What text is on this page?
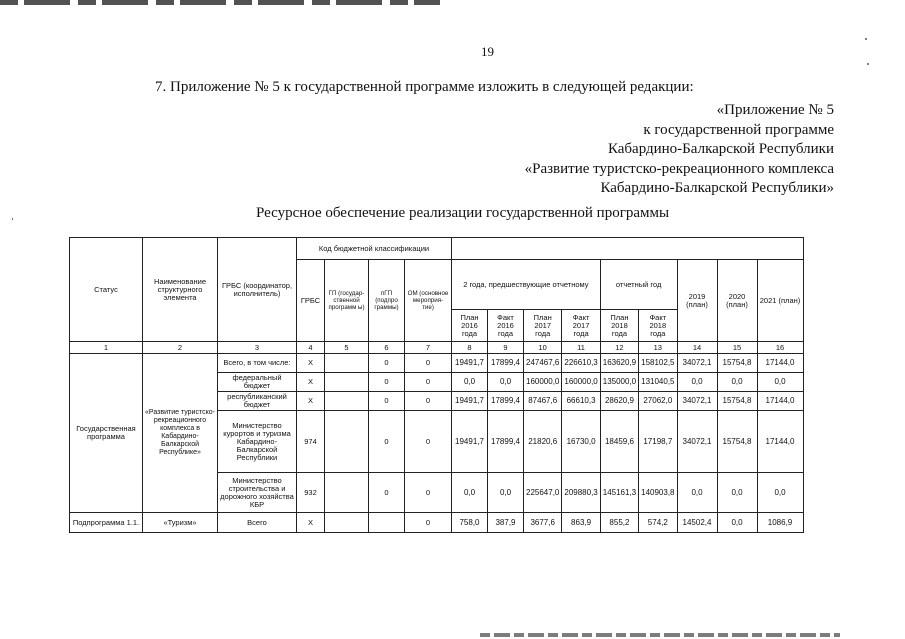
19
7. Приложение № 5 к государственной программе изложить в следующей редакции:
«Приложение № 5
к государственной программе
Кабардино-Балкарской Республики
«Развитие туристско-рекреационного комплекса
Кабардино-Балкарской Республики»
Ресурсное обеспечение реализации государственной программы
Статус	Наименование структурного элемента	ГРБС (координатор, исполнитель)	Код бюджетной классификации												
			ГРБС	ГП (государ-ственной программ ы)	пГП (подпро граммы)	ОМ (основное мероприя-тие)	2 года, предшествующие отчетному				отчетный год		2019 (план)	2020 (план)	2021 (план)
							План 2016 года	Факт 2016 года	План 2017 года	Факт 2017 года	План 2018 года	Факт 2018 года			
1	2	3	4	5	6	7	8	9	10	11	12	13	14	15	16
Государственная программа	«Развитие туристско-рекреационного комплекса в Кабардино-Балкарской Республике»	Всего, в том числе:	Х		0	0	19491,7	17899,4	247467,6	226610,3	163620,9	158102,5	34072,1	15754,8	17144,0
		федеральный бюджет	Х		0	0	0,0	0,0	160000,0	160000,0	135000,0	131040,5	0,0	0,0	0,0
		республиканский бюджет	Х		0	0	19491,7	17899,4	87467,6	66610,3	28620,9	27062,0	34072,1	15754,8	17144,0
		Министерство курортов и туризма Кабардино-Балкарской Республики	974		0	0	19491,7	17899,4	21820,6	16730,0	18459,6	17198,7	34072,1	15754,8	17144,0
		Министерство строительства и дорожного хозяйства КБР	932		0	0	0,0	0,0	225647,0	209880,3	145161,3	140903,8	0,0	0,0	0,0
Подпрограмма 1.1.	«Туризм»	Всего	Х			0	758,0	387,9	3677,6	863,9	855,2	574,2	14502,4	0,0	1086,9
